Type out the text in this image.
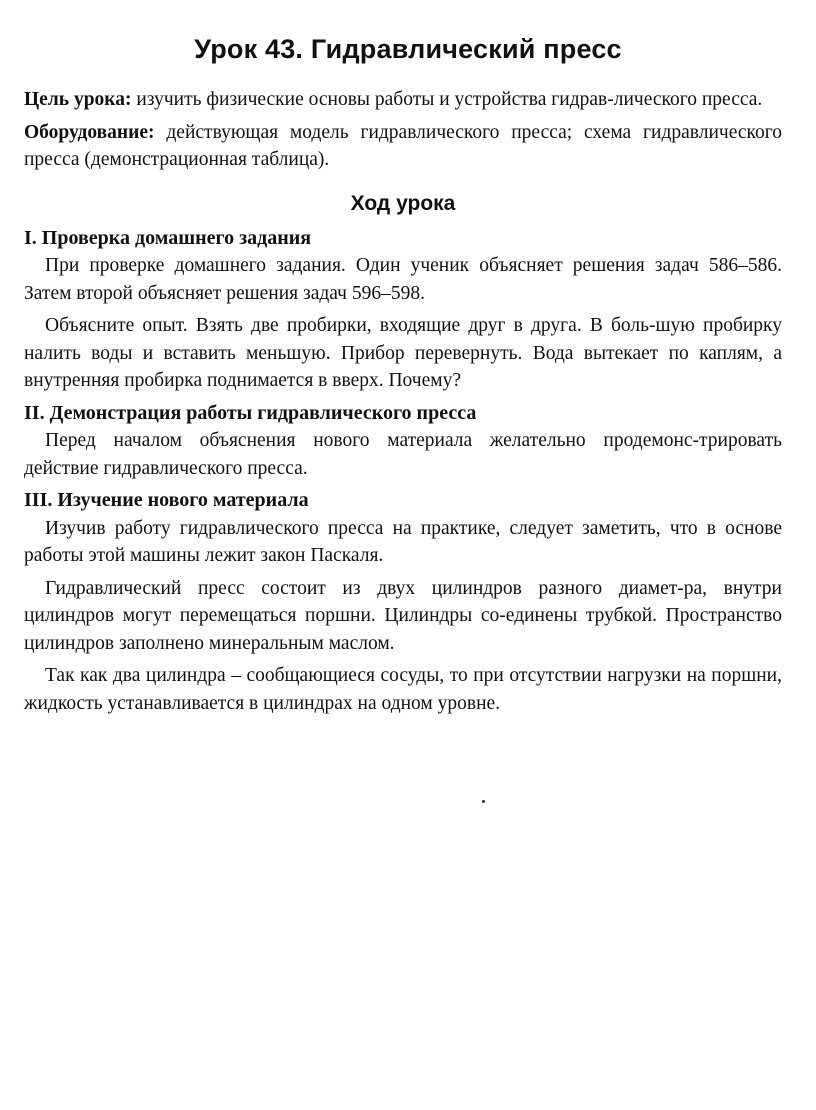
Урок 43. Гидравлический пресс

Цель урока: изучить физические основы работы и устройства гидрав-лического пресса.

Оборудование: действующая модель гидравлического пресса; схема гидравлического пресса (демонстрационная таблица).

Ход урока

I. Проверка домашнего задания

При проверке домашнего задания. Один ученик объясняет решения задач 586–586. Затем второй объясняет решения задач 596–598.

Объясните опыт. Взять две пробирки, входящие друг в друга. В боль-шую пробирку налить воды и вставить меньшую. Прибор перевернуть. Вода вытекает по каплям, а внутренняя пробирка поднимается в вверх. Почему?

II. Демонстрация работы гидравлического пресса

Перед началом объяснения нового материала желательно продемонс-трировать действие гидравлического пресса.

III. Изучение нового материала

Изучив работу гидравлического пресса на практике, следует заметить, что в основе работы этой машины лежит закон Паскаля.

Гидравлический пресс состоит из двух цилиндров разного диамет-ра, внутри цилиндров могут перемещаться поршни. Цилиндры со-единены трубкой. Пространство цилиндров заполнено минеральным маслом.

Так как два цилиндра – сообщающиеся сосуды, то при отсутствии нагрузки на поршни, жидкость устанавливается в цилиндрах на одном уровне.
